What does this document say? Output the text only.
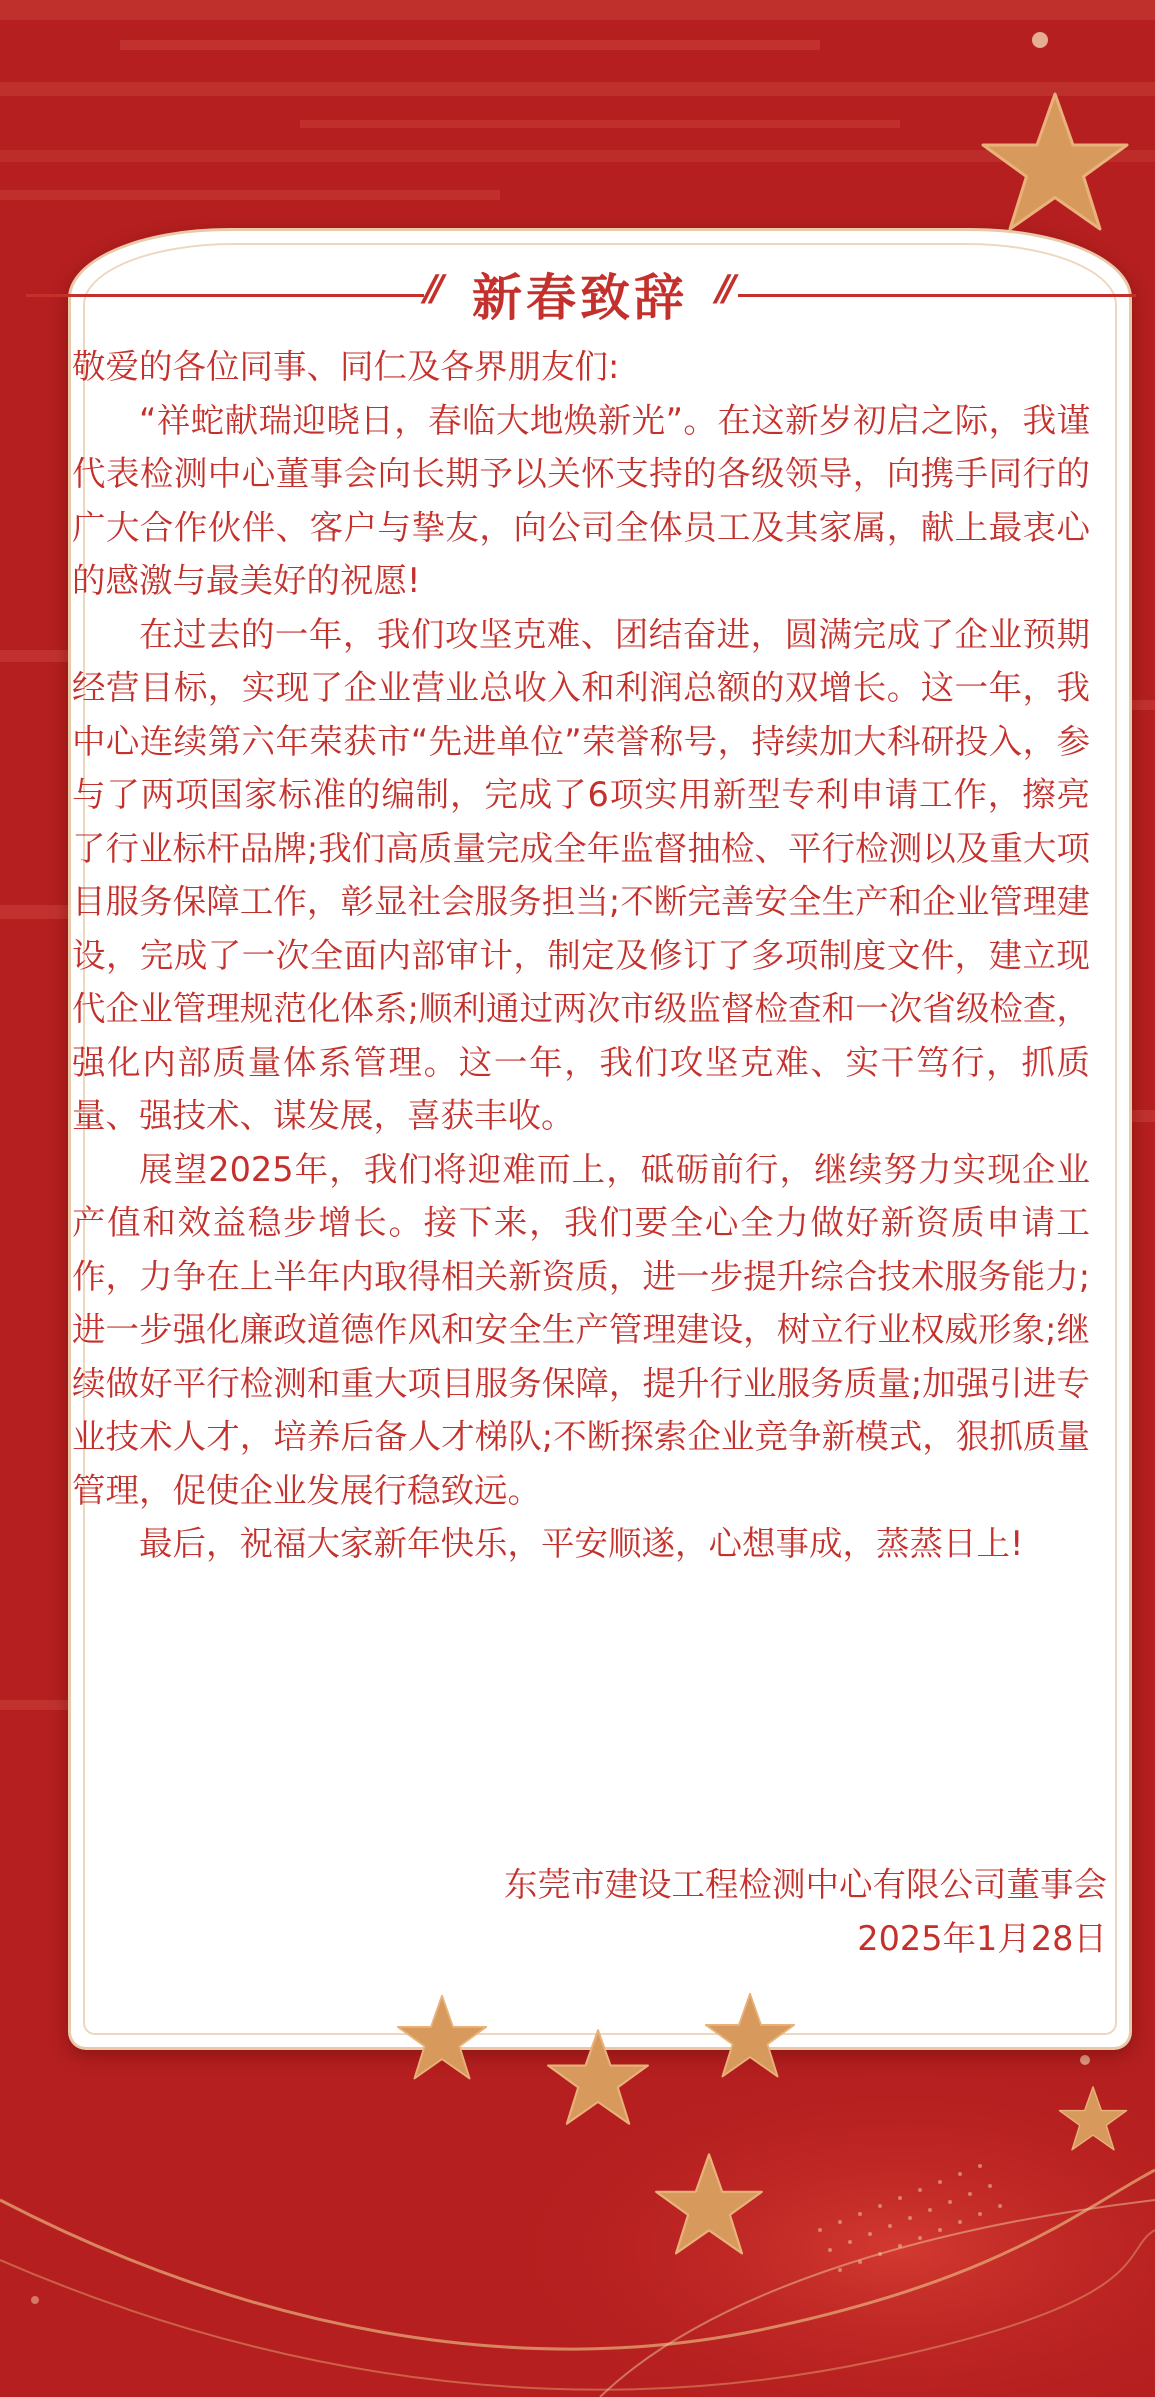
// 新春致辞 //

敬爱的各位同事、同仁及各界朋友们:

“祥蛇献瑞迎晓日，春临大地焕新光”。在这新岁初启之际，我谨代表检测中心董事会向长期予以关怀支持的各级领导，向携手同行的广大合作伙伴、客户与挚友，向公司全体员工及其家属，献上最衷心的感激与最美好的祝愿!

在过去的一年，我们攻坚克难、团结奋进，圆满完成了企业预期经营目标，实现了企业营业总收入和利润总额的双增长。这一年，我中心连续第六年荣获市“先进单位”荣誉称号，持续加大科研投入，参与了两项国家标准的编制，完成了6项实用新型专利申请工作，擦亮了行业标杆品牌;我们高质量完成全年监督抽检、平行检测以及重大项目服务保障工作，彰显社会服务担当;不断完善安全生产和企业管理建设，完成了一次全面内部审计，制定及修订了多项制度文件，建立现代企业管理规范化体系;顺利通过两次市级监督检查和一次省级检查，强化内部质量体系管理。这一年，我们攻坚克难、实干笃行，抓质量、强技术、谋发展，喜获丰收。

展望2025年，我们将迎难而上，砥砺前行，继续努力实现企业产值和效益稳步增长。接下来，我们要全心全力做好新资质申请工作，力争在上半年内取得相关新资质，进一步提升综合技术服务能力;进一步强化廉政道德作风和安全生产管理建设，树立行业权威形象;继续做好平行检测和重大项目服务保障，提升行业服务质量;加强引进专业技术人才，培养后备人才梯队;不断探索企业竞争新模式，狠抓质量管理，促使企业发展行稳致远。

最后，祝福大家新年快乐，平安顺遂，心想事成，蒸蒸日上!

东莞市建设工程检测中心有限公司董事会
2025年1月28日
